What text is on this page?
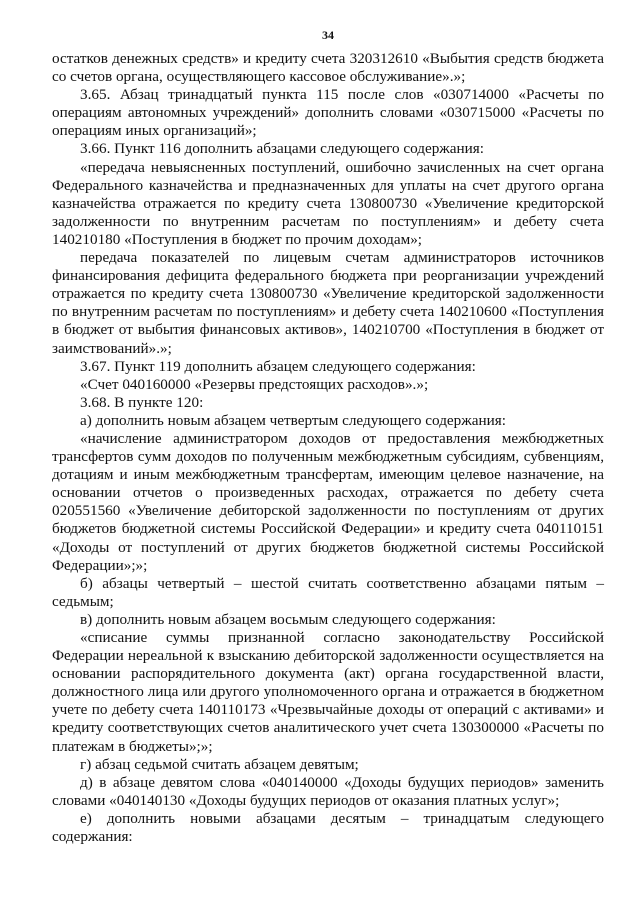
34

остатков денежных средств» и кредиту счета 320312610 «Выбытия средств бюджета со счетов органа, осуществляющего кассовое обслуживание».»;

3.65. Абзац тринадцатый пункта 115 после слов «030714000 «Расчеты по операциям автономных учреждений» дополнить словами «030715000 «Расчеты по операциям иных организаций»;

3.66. Пункт 116 дополнить абзацами следующего содержания:

«передача невыясненных поступлений, ошибочно зачисленных на счет органа Федерального казначейства и предназначенных для уплаты на счет другого органа казначейства отражается по кредиту счета 130800730 «Увеличение кредиторской задолженности по внутренним расчетам по поступлениям» и дебету счета 140210180 «Поступления в бюджет по прочим доходам»;

передача показателей по лицевым счетам администраторов источников финансирования дефицита федерального бюджета при реорганизации учреждений отражается по кредиту счета 130800730 «Увеличение кредиторской задолженности по внутренним расчетам по поступлениям» и дебету счета 140210600 «Поступления в бюджет от выбытия финансовых активов», 140210700 «Поступления в бюджет от заимствований».»;

3.67. Пункт 119 дополнить абзацем следующего содержания:

«Счет 040160000 «Резервы предстоящих расходов».»;

3.68. В пункте 120:

а) дополнить новым абзацем четвертым следующего содержания:

«начисление администратором доходов от предоставления межбюджетных трансфертов сумм доходов по полученным межбюджетным субсидиям, субвенциям, дотациям и иным межбюджетным трансфертам, имеющим целевое назначение, на основании отчетов о произведенных расходах, отражается по дебету счета 020551560 «Увеличение дебиторской задолженности по поступлениям от других бюджетов бюджетной системы Российской Федерации» и кредиту счета 040110151 «Доходы от поступлений от других бюджетов бюджетной системы Российской Федерации»;»;

б) абзацы четвертый – шестой считать соответственно абзацами пятым – седьмым;

в) дополнить новым абзацем восьмым следующего содержания:

«списание суммы признанной согласно законодательству Российской Федерации нереальной к взысканию дебиторской задолженности осуществляется на основании распорядительного документа (акт) органа государственной власти, должностного лица или другого уполномоченного органа и отражается в бюджетном учете по дебету счета 140110173 «Чрезвычайные доходы от операций с активами» и кредиту соответствующих счетов аналитического учет счета 130300000 «Расчеты по платежам в бюджеты»;»;

г) абзац седьмой считать абзацем девятым;

д) в абзаце девятом слова «040140000 «Доходы будущих периодов» заменить словами «040140130 «Доходы будущих периодов от оказания платных услуг»;

е) дополнить новыми абзацами десятым – тринадцатым следующего содержания:
